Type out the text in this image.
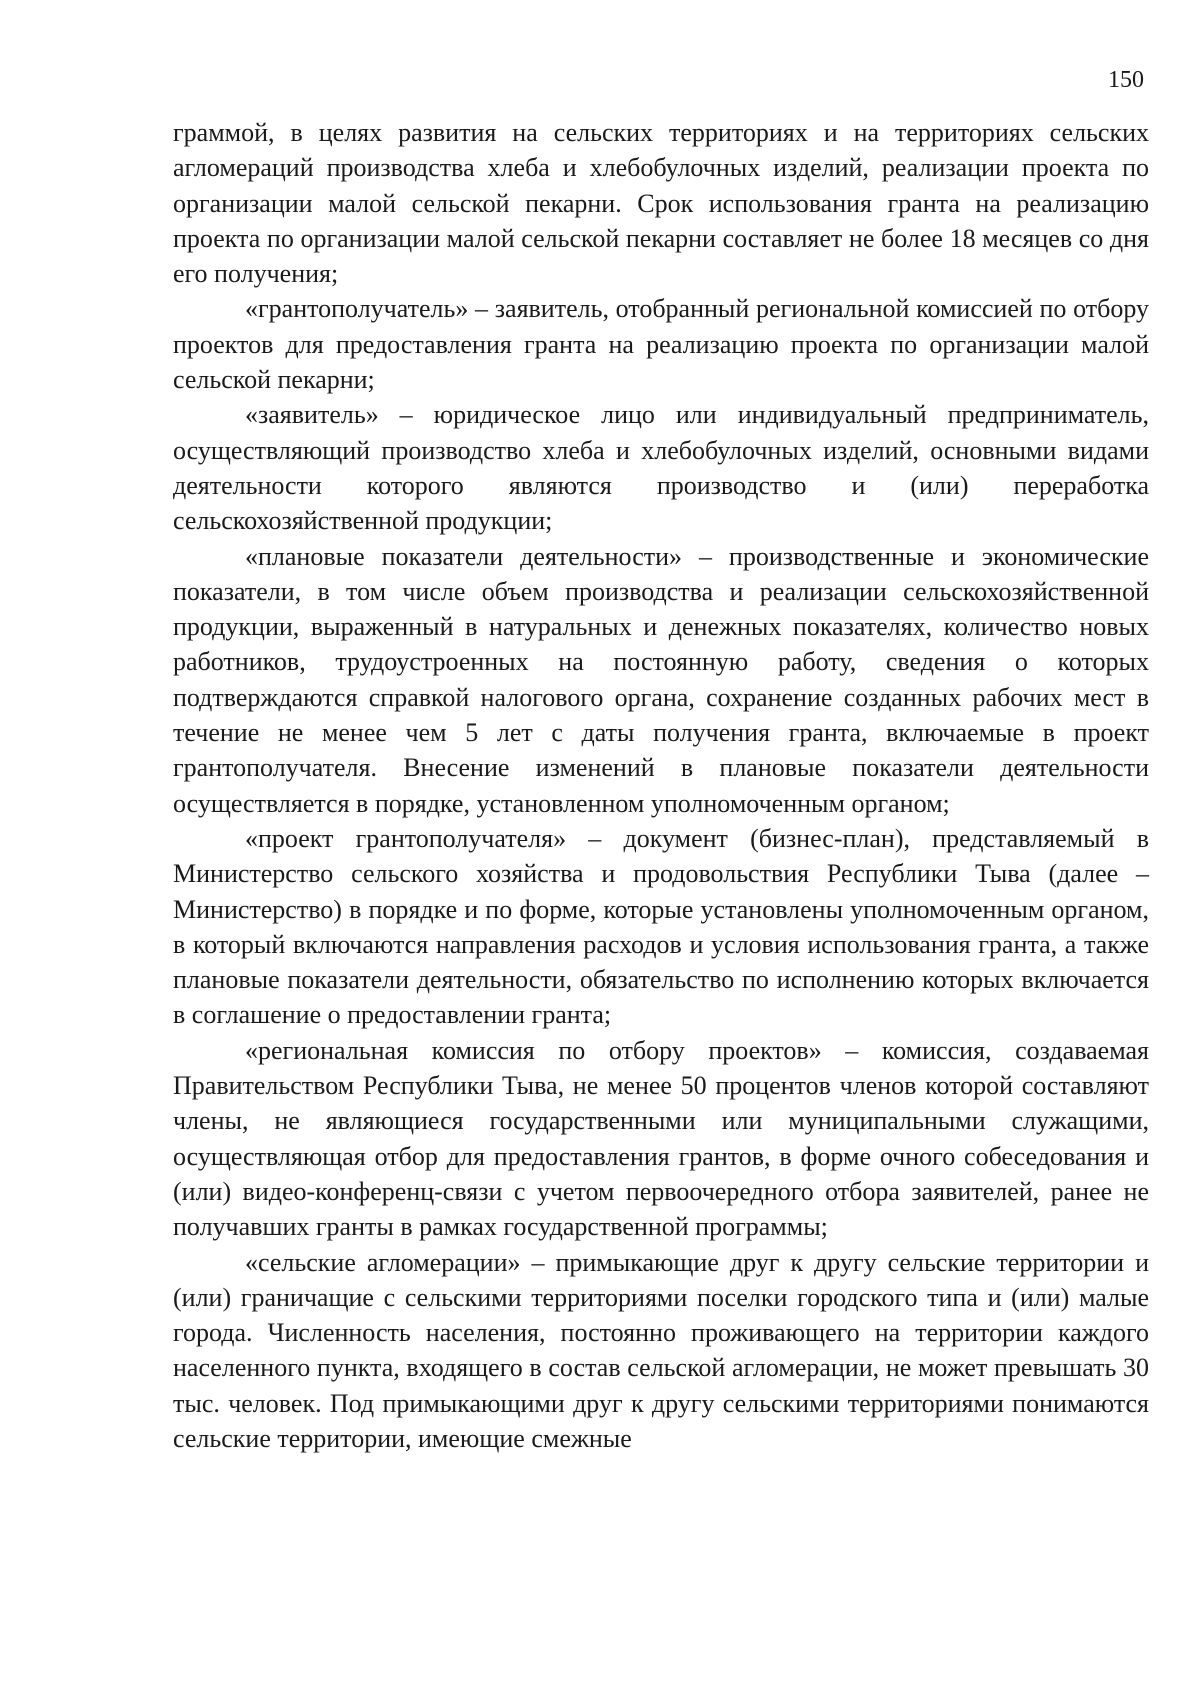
150

граммой, в целях развития на сельских территориях и на территориях сельских агломераций производства хлеба и хлебобулочных изделий, реализации проекта по организации малой сельской пекарни. Срок использования гранта на реализацию проекта по организации малой сельской пекарни составляет не более 18 месяцев со дня его получения;

«грантополучатель» – заявитель, отобранный региональной комиссией по отбору проектов для предоставления гранта на реализацию проекта по организации малой сельской пекарни;

«заявитель» – юридическое лицо или индивидуальный предприниматель, осуществляющий производство хлеба и хлебобулочных изделий, основными видами деятельности которого являются производство и (или) переработка сельскохозяйственной продукции;

«плановые показатели деятельности» – производственные и экономические показатели, в том числе объем производства и реализации сельскохозяйственной продукции, выраженный в натуральных и денежных показателях, количество новых работников, трудоустроенных на постоянную работу, сведения о которых подтверждаются справкой налогового органа, сохранение созданных рабочих мест в течение не менее чем 5 лет с даты получения гранта, включаемые в проект грантополучателя. Внесение изменений в плановые показатели деятельности осуществляется в порядке, установленном уполномоченным органом;

«проект грантополучателя» – документ (бизнес-план), представляемый в Министерство сельского хозяйства и продовольствия Республики Тыва (далее – Министерство) в порядке и по форме, которые установлены уполномоченным органом, в который включаются направления расходов и условия использования гранта, а также плановые показатели деятельности, обязательство по исполнению которых включается в соглашение о предоставлении гранта;

«региональная комиссия по отбору проектов» – комиссия, создаваемая Правительством Республики Тыва, не менее 50 процентов членов которой составляют члены, не являющиеся государственными или муниципальными служащими, осуществляющая отбор для предоставления грантов, в форме очного собеседования и (или) видео-конференц-связи с учетом первоочередного отбора заявителей, ранее не получавших гранты в рамках государственной программы;

«сельские агломерации» – примыкающие друг к другу сельские территории и (или) граничащие с сельскими территориями поселки городского типа и (или) малые города. Численность населения, постоянно проживающего на территории каждого населенного пункта, входящего в состав сельской агломерации, не может превышать 30 тыс. человек. Под примыкающими друг к другу сельскими территориями понимаются сельские территории, имеющие смежные
